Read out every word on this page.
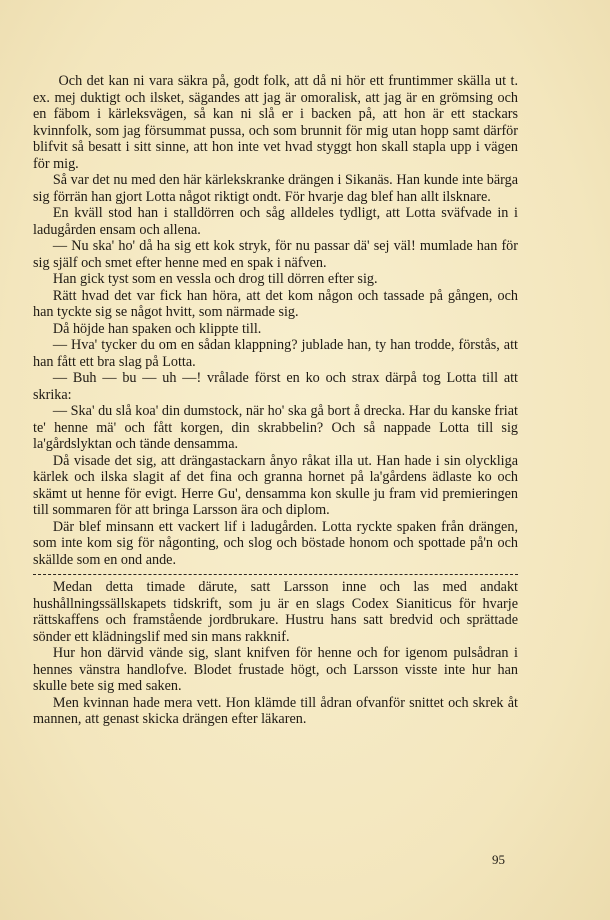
Och det kan ni vara säkra på, godt folk, att då ni hör ett fruntimmer skälla ut t. ex. mej duktigt och ilsket, sägandes att jag är omoralisk, att jag är en grömsing och en fäbom i kärleksvägen, så kan ni slå er i backen på, att hon är ett stackars kvinnfolk, som jag försummat pussa, och som brunnit för mig utan hopp samt därför blifvit så besatt i sitt sinne, att hon inte vet hvad styggt hon skall stapla upp i vägen för mig.

Så var det nu med den här kärlekskranke drängen i Sikanäs. Han kunde inte bärga sig förrän han gjort Lotta något riktigt ondt. För hvarje dag blef han allt ilsknare.

En kväll stod han i stalldörren och såg alldeles tydligt, att Lotta sväfvade in i ladugården ensam och allena.

— Nu ska' ho' då ha sig ett kok stryk, för nu passar dä' sej väl! mumlade han för sig själf och smet efter henne med en spak i näfven.

Han gick tyst som en vessla och drog till dörren efter sig.

Rätt hvad det var fick han höra, att det kom någon och tassade på gången, och han tyckte sig se något hvitt, som närmade sig.

Då höjde han spaken och klippte till.

— Hva' tycker du om en sådan klappning? jublade han, ty han trodde, förstås, att han fått ett bra slag på Lotta.

— Buh — bu — uh —! vrålade först en ko och strax därpå tog Lotta till att skrika:

— Ska' du slå koa' din dumstock, när ho' ska gå bort å drecka. Har du kanske friat te' henne mä' och fått korgen, din skrabbelin? Och så nappade Lotta till sig la'gårdslyktan och tände densamma.

Då visade det sig, att drängastackarn ånyo råkat illa ut. Han hade i sin olyckliga kärlek och ilska slagit af det fina och granna hornet på la'gårdens ädlaste ko och skämt ut henne för evigt. Herre Gu', densamma kon skulle ju fram vid premieringen till sommaren för att bringa Larsson ära och diplom.

Där blef minsann ett vackert lif i ladugården. Lotta ryckte spaken från drängen, som inte kom sig för någonting, och slog och böstade honom och spottade på'n och skällde som en ond ande.

Medan detta timade därute, satt Larsson inne och las med andakt hushållningssällskapets tidskrift, som ju är en slags Codex Sianiticus för hvarje rättskaffens och framstående jordbrukare. Hustru hans satt bredvid och sprättade sönder ett klädningslif med sin mans rakknif.

Hur hon därvid vände sig, slant knifven för henne och for igenom pulsådran i hennes vänstra handlofve. Blodet frustade högt, och Larsson visste inte hur han skulle bete sig med saken.

Men kvinnan hade mera vett. Hon klämde till ådran ofvanför snittet och skrek åt mannen, att genast skicka drängen efter läkaren.

95
